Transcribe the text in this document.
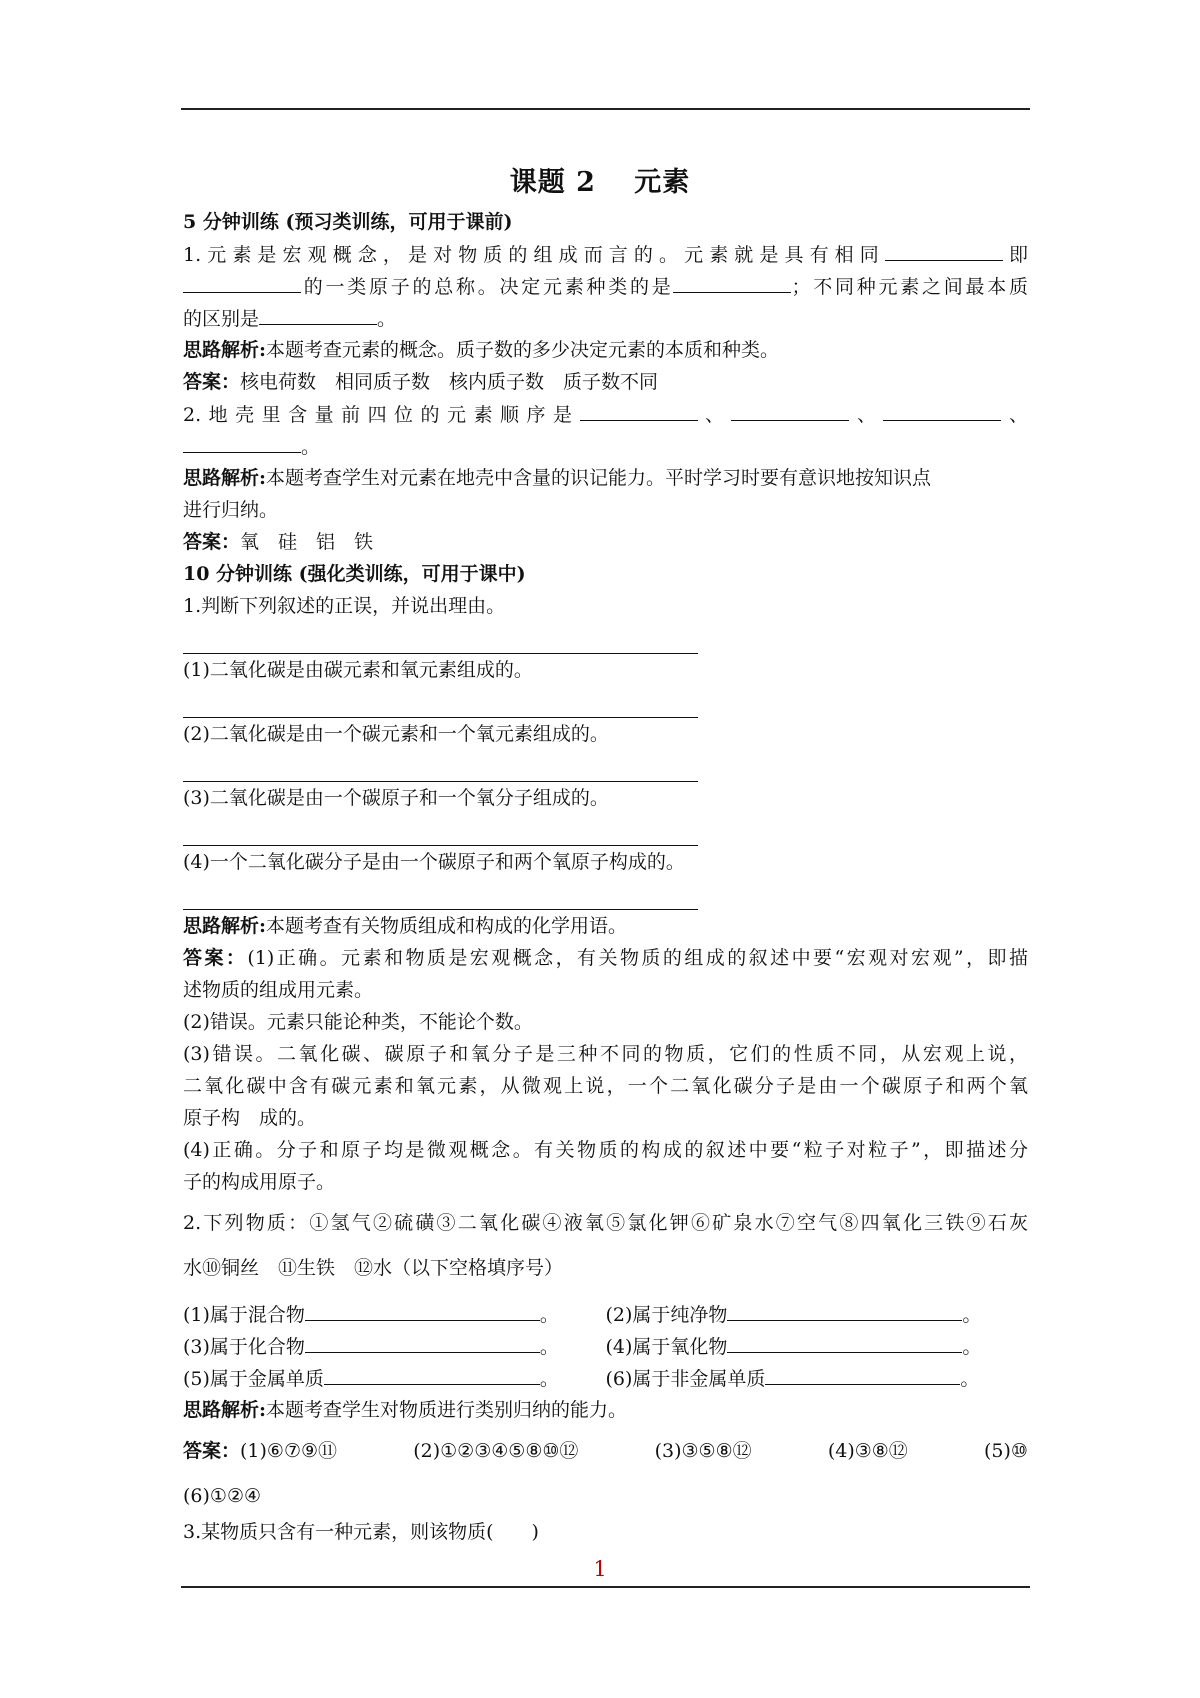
课题 2　 元素
5 分钟训练 (预习类训练，可用于课前)
1.元素是宏观概念，是对物质的组成而言的。元素就是具有相同	即
的一类原子的总称。决定元素种类的是	；不同种元素之间最本质
的区别是	。
思路解析:本题考查元素的概念。质子数的多少决定元素的本质和种类。
答案：核电荷数　相同质子数　核内质子数　质子数不同
2.地壳里含量前四位的元素顺序是	、	、	、
。
思路解析:本题考查学生对元素在地壳中含量的识记能力。平时学习时要有意识地按知识点
进行归纳。
答案：氧　硅　铝　铁
10 分钟训练 (强化类训练，可用于课中)
1.判断下列叙述的正误，并说出理由。
(1)二氧化碳是由碳元素和氧元素组成的。
(2)二氧化碳是由一个碳元素和一个氧元素组成的。
(3)二氧化碳是由一个碳原子和一个氧分子组成的。
(4)一个二氧化碳分子是由一个碳原子和两个氧原子构成的。
思路解析:本题考查有关物质组成和构成的化学用语。
答案：(1)正确。元素和物质是宏观概念，有关物质的组成的叙述中要“宏观对宏观”，即描
述物质的组成用元素。
(2)错误。元素只能论种类，不能论个数。
(3)错误。二氧化碳、碳原子和氧分子是三种不同的物质，它们的性质不同，从宏观上说，
二氧化碳中含有碳元素和氧元素，从微观上说，一个二氧化碳分子是由一个碳原子和两个氧
原子构　成的。
(4)正确。分子和原子均是微观概念。有关物质的构成的叙述中要“粒子对粒子”，即描述分
子的构成用原子。
2.下列物质：①氢气②硫磺③二氧化碳④液氧⑤氯化钾⑥矿泉水⑦空气⑧四氧化三铁⑨石灰
水⑩铜丝　⑪生铁　⑫水（以下空格填序号）
(1)属于混合物	。	(2)属于纯净物	。
(3)属于化合物	。	(4)属于氧化物	。
(5)属于金属单质	。	(6)属于非金属单质	。
思路解析:本题考查学生对物质进行类别归纳的能力。
答案：(1)⑥⑦⑨⑪	(2)①②③④⑤⑧⑩⑫	(3)③⑤⑧⑫	(4)③⑧⑫	(5)⑩
(6)①②④
3.某物质只含有一种元素，则该物质(　　)
1
